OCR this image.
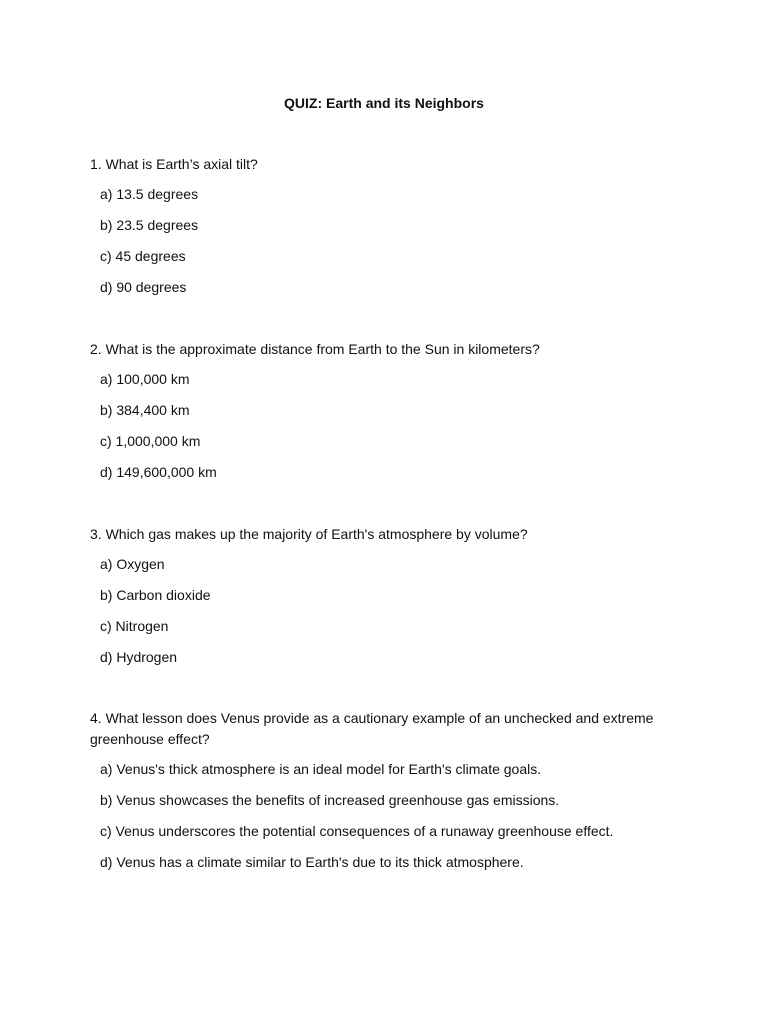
QUIZ: Earth and its Neighbors

1. What is Earth’s axial tilt?

a) 13.5 degrees

b) 23.5 degrees

c) 45 degrees

d) 90 degrees

2. What is the approximate distance from Earth to the Sun in kilometers?

a) 100,000 km

b) 384,400 km

c) 1,000,000 km

d) 149,600,000 km

3. Which gas makes up the majority of Earth's atmosphere by volume?

a) Oxygen

b) Carbon dioxide

c) Nitrogen

d) Hydrogen

4. What lesson does Venus provide as a cautionary example of an unchecked and extreme greenhouse effect?

a) Venus's thick atmosphere is an ideal model for Earth's climate goals.

b) Venus showcases the benefits of increased greenhouse gas emissions.

c) Venus underscores the potential consequences of a runaway greenhouse effect.

d) Venus has a climate similar to Earth's due to its thick atmosphere.
